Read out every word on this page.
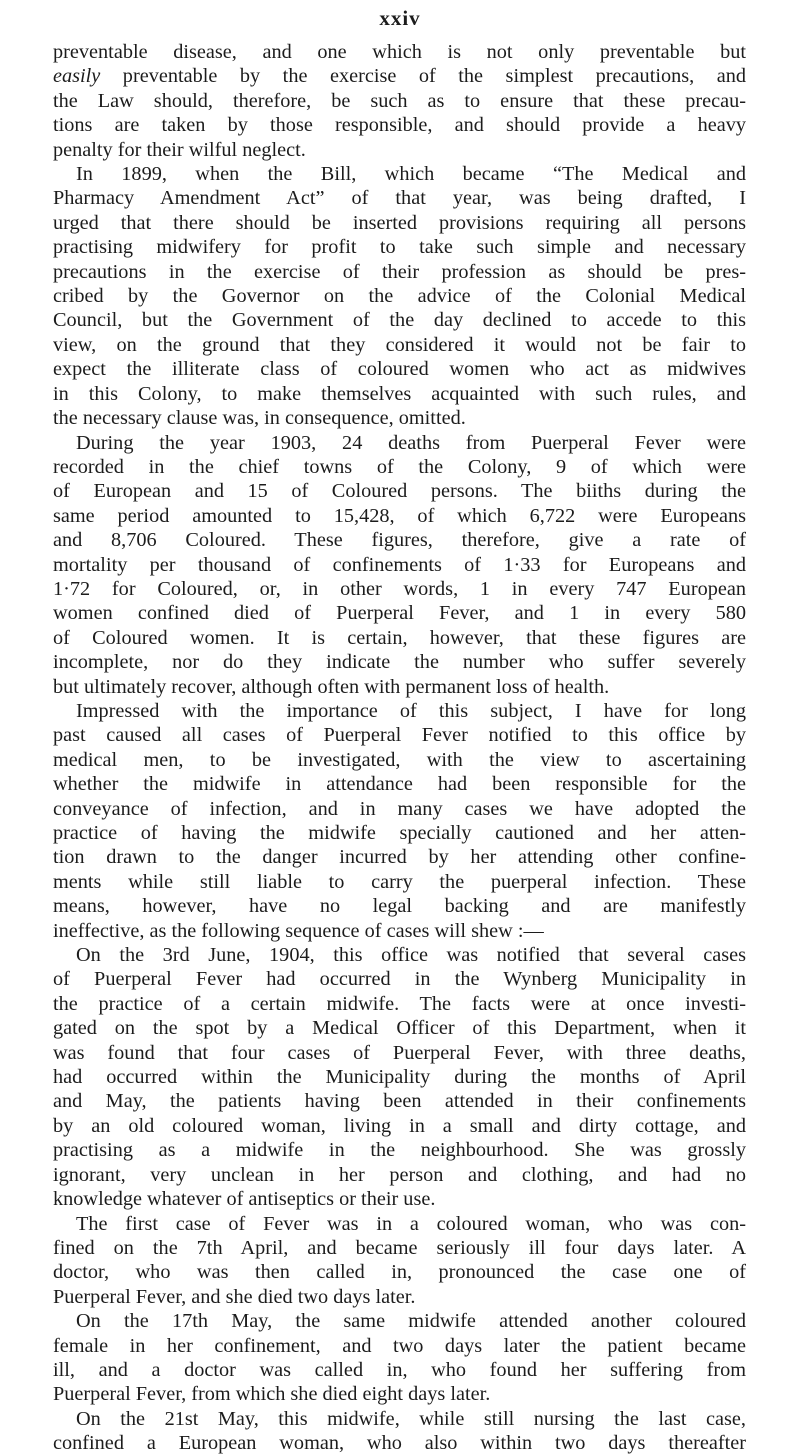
xxiv

preventable disease, and one which is not only preventable but
easily preventable by the exercise of the simplest precautions, and
the Law should, therefore, be such as to ensure that these precau-
tions are taken by those responsible, and should provide a heavy
penalty for their wilful neglect.

In 1899, when the Bill, which became “The Medical and
Pharmacy Amendment Act” of that year, was being drafted, I
urged that there should be inserted provisions requiring all persons
practising midwifery for profit to take such simple and necessary
precautions in the exercise of their profession as should be pres-
cribed by the Governor on the advice of the Colonial Medical
Council, but the Government of the day declined to accede to this
view, on the ground that they considered it would not be fair to
expect the illiterate class of coloured women who act as midwives
in this Colony, to make themselves acquainted with such rules, and
the necessary clause was, in consequence, omitted.

During the year 1903, 24 deaths from Puerperal Fever were
recorded in the chief towns of the Colony, 9 of which were
of European and 15 of Coloured persons. The biiths during the
same period amounted to 15,428, of which 6,722 were Europeans
and 8,706 Coloured. These figures, therefore, give a rate of
mortality per thousand of confinements of 1·33 for Europeans and
1·72 for Coloured, or, in other words, 1 in every 747 European
women confined died of Puerperal Fever, and 1 in every 580
of Coloured women. It is certain, however, that these figures are
incomplete, nor do they indicate the number who suffer severely
but ultimately recover, although often with permanent loss of health.

Impressed with the importance of this subject, I have for long
past caused all cases of Puerperal Fever notified to this office by
medical men, to be investigated, with the view to ascertaining
whether the midwife in attendance had been responsible for the
conveyance of infection, and in many cases we have adopted the
practice of having the midwife specially cautioned and her atten-
tion drawn to the danger incurred by her attending other confine-
ments while still liable to carry the puerperal infection. These
means, however, have no legal backing and are manifestly
ineffective, as the following sequence of cases will shew :—

On the 3rd June, 1904, this office was notified that several cases
of Puerperal Fever had occurred in the Wynberg Municipality in
the practice of a certain midwife. The facts were at once investi-
gated on the spot by a Medical Officer of this Department, when it
was found that four cases of Puerperal Fever, with three deaths,
had occurred within the Municipality during the months of April
and May, the patients having been attended in their confinements
by an old coloured woman, living in a small and dirty cottage, and
practising as a midwife in the neighbourhood. She was grossly
ignorant, very unclean in her person and clothing, and had no
knowledge whatever of antiseptics or their use.

The first case of Fever was in a coloured woman, who was con-
fined on the 7th April, and became seriously ill four days later. A
doctor, who was then called in, pronounced the case one of
Puerperal Fever, and she died two days later.

On the 17th May, the same midwife attended another coloured
female in her confinement, and two days later the patient became
ill, and a doctor was called in, who found her suffering from
Puerperal Fever, from which she died eight days later.

On the 21st May, this midwife, while still nursing the last case,
confined a European woman, who also within two days thereafter
